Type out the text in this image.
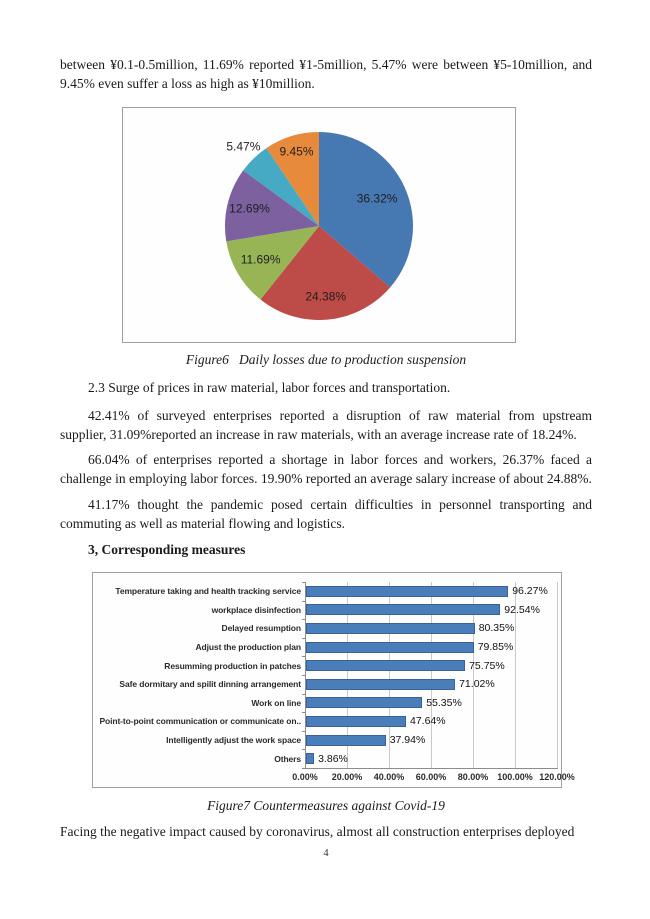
between ¥0.1-0.5million, 11.69% reported ¥1-5million, 5.47% were between ¥5-10million, and 9.45% even suffer a loss as high as ¥10million.

36.32%
24.38%
11.69%
12.69%
5.47% 9.45%

Figure6   Daily losses due to production suspension

2.3 Surge of prices in raw material, labor forces and transportation.

42.41% of surveyed enterprises reported a disruption of raw material from upstream supplier, 31.09%reported an increase in raw materials, with an average increase rate of 18.24%.

66.04% of enterprises reported a shortage in labor forces and workers, 26.37% faced a challenge in employing labor forces. 19.90% reported an average salary increase of about 24.88%.

41.17% thought the pandemic posed certain difficulties in personnel transporting and commuting as well as material flowing and logistics.

3, Corresponding measures

Temperature taking and health tracking service
workplace disinfection
Delayed resumption
Adjust the production plan
Resumming production in patches
Safe dormitary and spilit dinning arrangement
Work on line
Point-to-point communication or communicate on..
Intelligently adjust the work space
Others
96.27%
92.54%
80.35%
79.85%
75.75%
71.02%
55.35%
47.64%
37.94%
3.86%
0.00% 20.00% 40.00% 60.00% 80.00% 100.00% 120.00%

Figure7 Countermeasures against Covid-19

Facing the negative impact caused by coronavirus, almost all construction enterprises deployed

4
